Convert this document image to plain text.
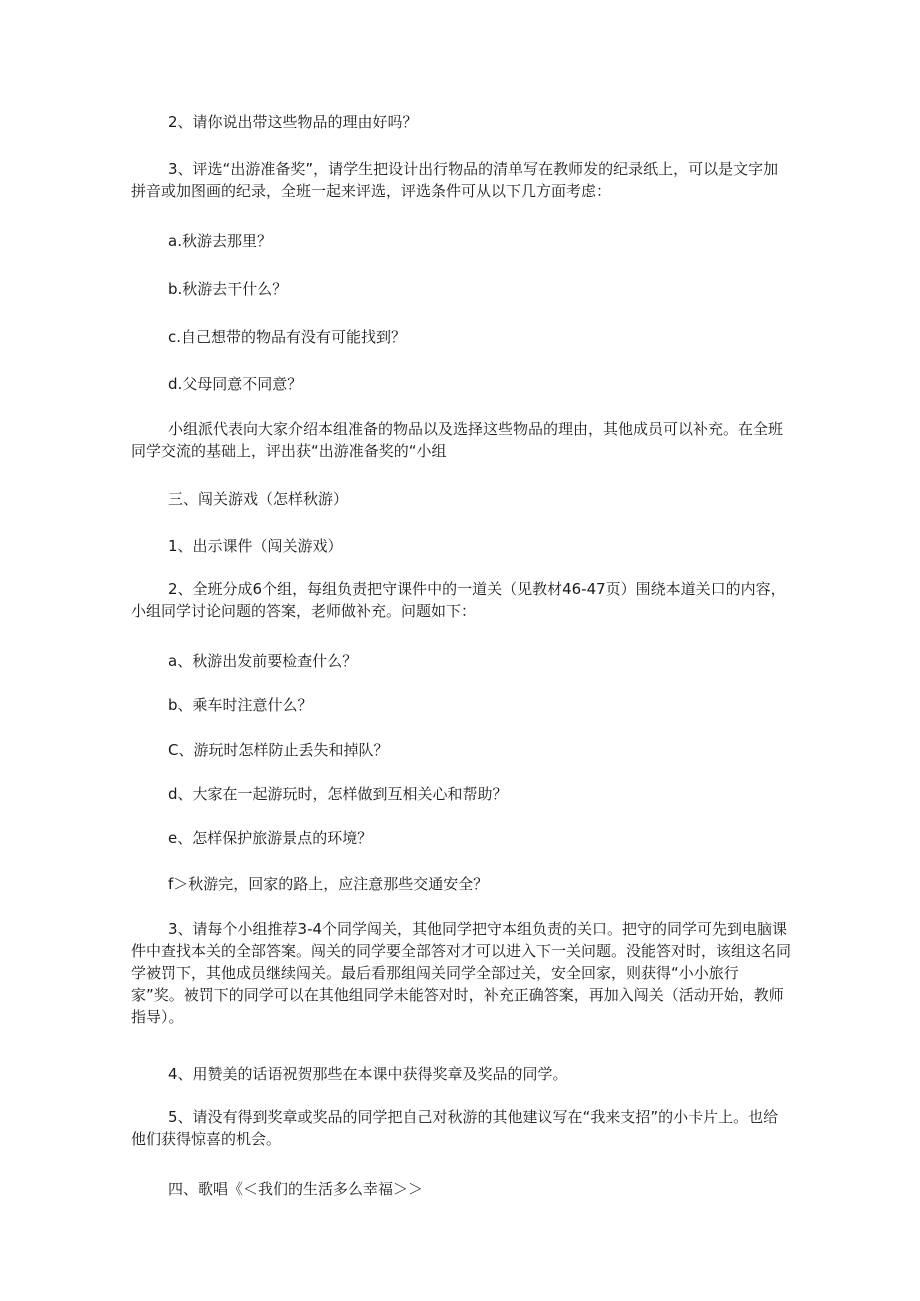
2、请你说出带这些物品的理由好吗？

3、评选“出游准备奖”，请学生把设计出行物品的清单写在教师发的纪录纸上，可以是文字加拼音或加图画的纪录，全班一起来评选，评选条件可从以下几方面考虑：

a.秋游去那里？

b.秋游去干什么？

c.自己想带的物品有没有可能找到？

d.父母同意不同意？

小组派代表向大家介绍本组准备的物品以及选择这些物品的理由，其他成员可以补充。在全班同学交流的基础上，评出获“出游准备奖的“小组

三、闯关游戏（怎样秋游）

1、出示课件（闯关游戏）

2、全班分成6个组，每组负责把守课件中的一道关（见教材46-47页）围绕本道关口的内容，小组同学讨论问题的答案，老师做补充。问题如下：

a、秋游出发前要检查什么？

b、乘车时注意什么？

C、游玩时怎样防止丢失和掉队？

d、大家在一起游玩时，怎样做到互相关心和帮助？

e、怎样保护旅游景点的环境？

f＞秋游完，回家的路上，应注意那些交通安全？

3、请每个小组推荐3-4个同学闯关，其他同学把守本组负责的关口。把守的同学可先到电脑课件中查找本关的全部答案。闯关的同学要全部答对才可以进入下一关问题。没能答对时，该组这名同学被罚下，其他成员继续闯关。最后看那组闯关同学全部过关，安全回家，则获得“小小旅行家”奖。被罚下的同学可以在其他组同学未能答对时，补充正确答案，再加入闯关（活动开始，教师指导）。

4、用赞美的话语祝贺那些在本课中获得奖章及奖品的同学。

5、请没有得到奖章或奖品的同学把自己对秋游的其他建议写在“我来支招”的小卡片上。也给他们获得惊喜的机会。

四、歌唱《＜我们的生活多么幸福＞＞
